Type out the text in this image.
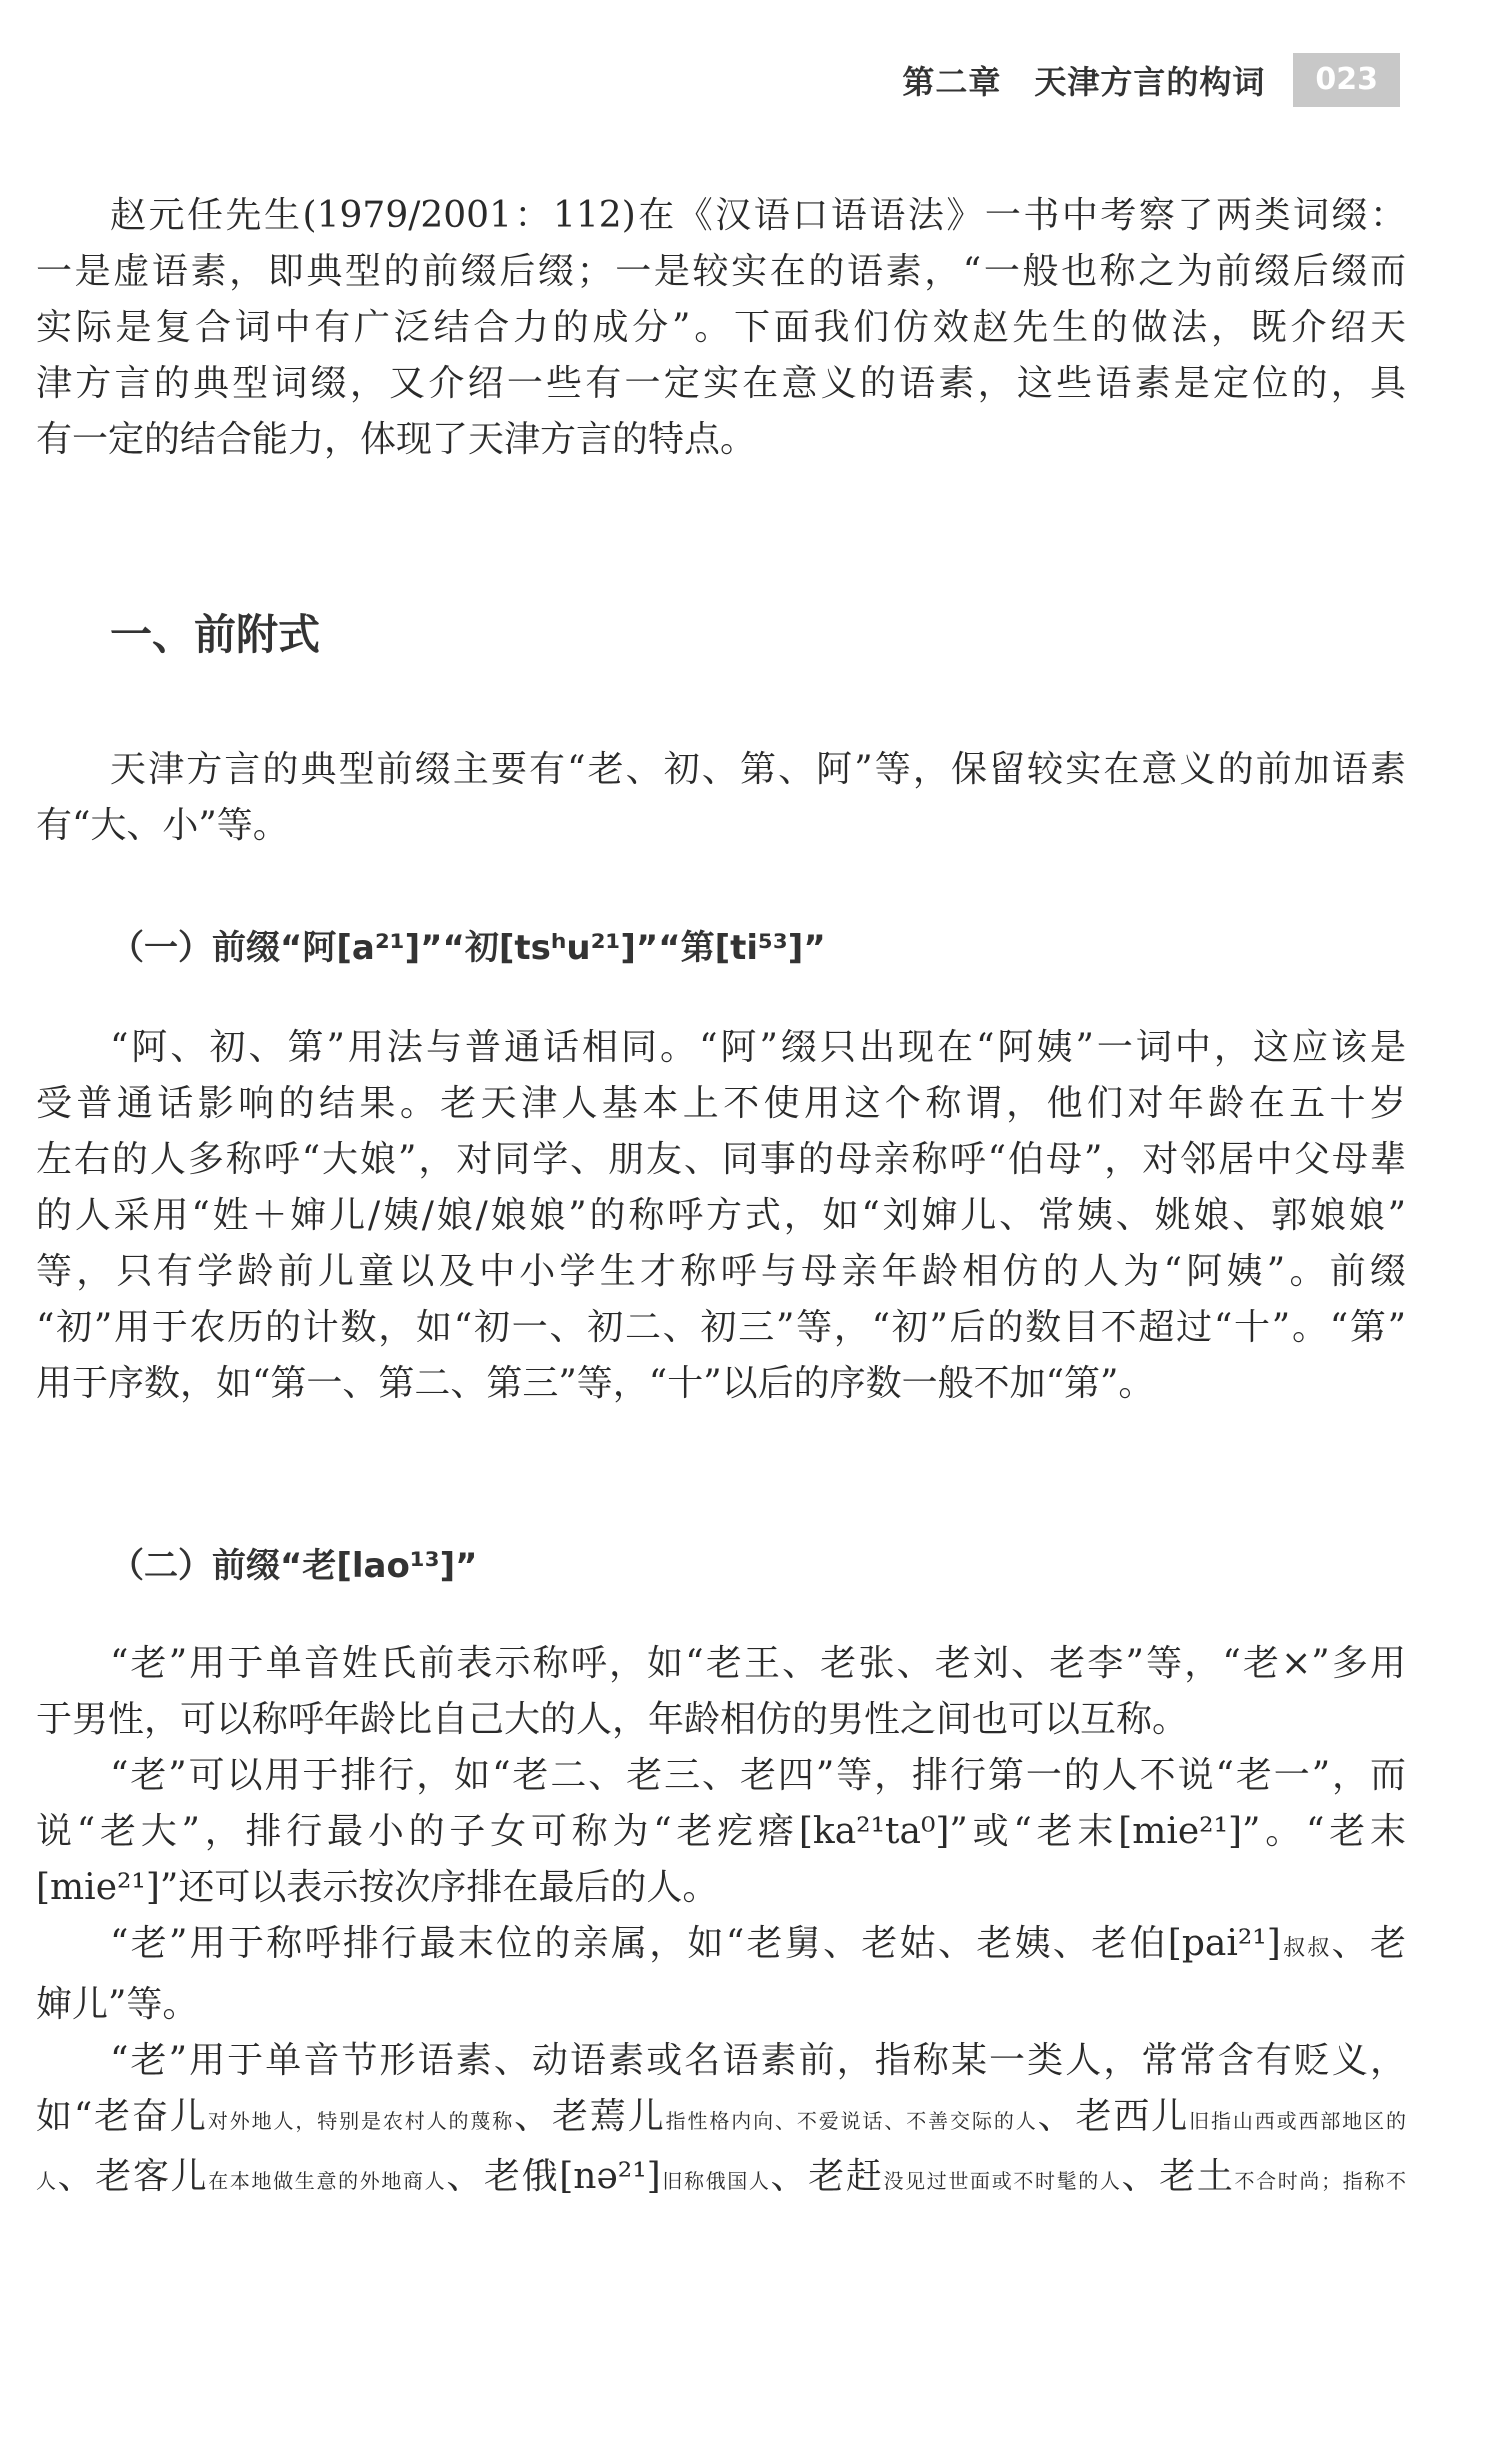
第二章　天津方言的构词	023
赵元任先生(1979/2001：112)在《汉语口语语法》一书中考察了两类词缀：
一是虚语素，即典型的前缀后缀；一是较实在的语素，“一般也称之为前缀后缀而
实际是复合词中有广泛结合力的成分”。下面我们仿效赵先生的做法，既介绍天
津方言的典型词缀，又介绍一些有一定实在意义的语素，这些语素是定位的，具
有一定的结合能力，体现了天津方言的特点。
一、前附式
天津方言的典型前缀主要有“老、初、第、阿”等，保留较实在意义的前加语素
有“大、小”等。
（一）前缀“阿[a²¹]”“初[tsʰu²¹]”“第[ti⁵³]”
“阿、初、第”用法与普通话相同。“阿”缀只出现在“阿姨”一词中，这应该是
受普通话影响的结果。老天津人基本上不使用这个称谓，他们对年龄在五十岁
左右的人多称呼“大娘”，对同学、朋友、同事的母亲称呼“伯母”，对邻居中父母辈
的人采用“姓＋婶儿/姨/娘/娘娘”的称呼方式，如“刘婶儿、常姨、姚娘、郭娘娘”
等，只有学龄前儿童以及中小学生才称呼与母亲年龄相仿的人为“阿姨”。前缀
“初”用于农历的计数，如“初一、初二、初三”等，“初”后的数目不超过“十”。“第”
用于序数，如“第一、第二、第三”等，“十”以后的序数一般不加“第”。
（二）前缀“老[lao¹³]”
“老”用于单音姓氏前表示称呼，如“老王、老张、老刘、老李”等，“老×”多用
于男性，可以称呼年龄比自己大的人，年龄相仿的男性之间也可以互称。
“老”可以用于排行，如“老二、老三、老四”等，排行第一的人不说“老一”，而
说“老大”，排行最小的子女可称为“老疙瘩[ka²¹ta⁰]”或“老末[mie²¹]”。“老末
[mie²¹]”还可以表示按次序排在最后的人。
“老”用于称呼排行最末位的亲属，如“老舅、老姑、老姨、老伯[pai²¹]叔叔、老
婶儿”等。
“老”用于单音节形语素、动语素或名语素前，指称某一类人，常常含有贬义，
如“老奋儿对外地人，特别是农村人的蔑称、老蔫儿指性格内向、不爱说话、不善交际的人、老西儿旧指山西或西部地区的
人、老客儿在本地做生意的外地商人、老俄[nə²¹]旧称俄国人、老赶没见过世面或不时髦的人、老土不合时尚；指称不
